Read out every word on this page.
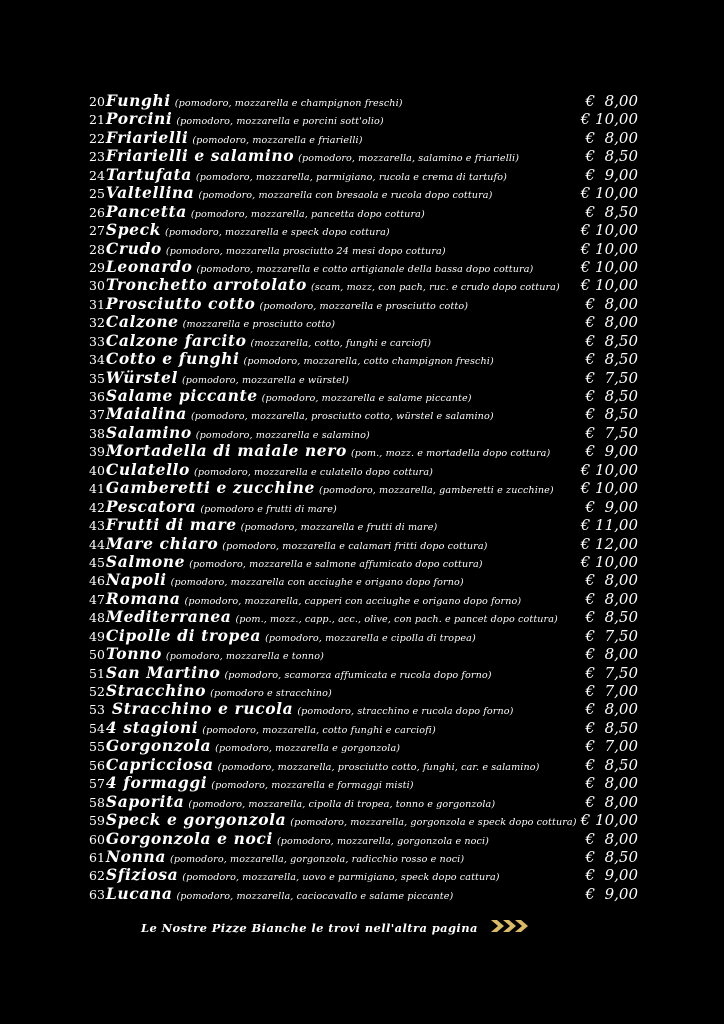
20Funghi (pomodoro, mozzarella e champignon freschi)	€  8,00
21Porcini (pomodoro, mozzarella e porcini sott'olio)	€ 10,00
22Friarielli (pomodoro, mozzarella e friarielli)	€  8,00
23Friarielli e salamino (pomodoro, mozzarella, salamino e friarielli)	€  8,50
24Tartufata (pomodoro, mozzarella, parmigiano, rucola e crema di tartufo)	€  9,00
25Valtellina (pomodoro, mozzarella con bresaola e rucola dopo cottura)	€ 10,00
26Pancetta (pomodoro, mozzarella, pancetta dopo cottura)	€  8,50
27Speck (pomodoro, mozzarella e speck dopo cottura)	€ 10,00
28Crudo (pomodoro, mozzarella prosciutto 24 mesi dopo cottura)	€ 10,00
29Leonardo (pomodoro, mozzarella e cotto artigianale della bassa dopo cottura)	€ 10,00
30Tronchetto arrotolato (scam, mozz, con pach, ruc. e crudo dopo cottura)	€ 10,00
31Prosciutto cotto (pomodoro, mozzarella e prosciutto cotto)	€  8,00
32Calzone (mozzarella e prosciutto cotto)	€  8,00
33Calzone farcito (mozzarella, cotto, funghi e carciofi)	€  8,50
34Cotto e funghi (pomodoro, mozzarella, cotto champignon freschi)	€  8,50
35Würstel (pomodoro, mozzarella e würstel)	€  7,50
36Salame piccante (pomodoro, mozzarella e salame piccante)	€  8,50
37Maialina (pomodoro, mozzarella, prosciutto cotto, würstel e salamino)	€  8,50
38Salamino (pomodoro, mozzarella e salamino)	€  7,50
39Mortadella di maiale nero (pom., mozz. e mortadella dopo cottura)	€  9,00
40Culatello (pomodoro, mozzarella e culatello dopo cottura)	€ 10,00
41Gamberetti e zucchine (pomodoro, mozzarella, gamberetti e zucchine)	€ 10,00
42Pescatora (pomodoro e frutti di mare)	€  9,00
43Frutti di mare (pomodoro, mozzarella e frutti di mare)	€ 11,00
44Mare chiaro (pomodoro, mozzarella e calamari fritti dopo cottura)	€ 12,00
45Salmone (pomodoro, mozzarella e salmone affumicato dopo cottura)	€ 10,00
46Napoli (pomodoro, mozzarella con acciughe e origano dopo forno)	€  8,00
47Romana (pomodoro, mozzarella, capperi con acciughe e origano dopo forno)	€  8,00
48Mediterranea (pom., mozz., capp., acc., olive, con pach. e pancet dopo cottura)	€  8,50
49Cipolle di tropea (pomodoro, mozzarella e cipolla di tropea)	€  7,50
50Tonno (pomodoro, mozzarella e tonno)	€  8,00
51San Martino (pomodoro, scamorza affumicata e rucola dopo forno)	€  7,50
52Stracchino (pomodoro e stracchino)	€  7,00
53 Stracchino e rucola (pomodoro, stracchino e rucola dopo forno)	€  8,00
544 stagioni (pomodoro, mozzarella, cotto funghi e carciofi)	€  8,50
55Gorgonzola (pomodoro, mozzarella e gorgonzola)	€  7,00
56Capricciosa (pomodoro, mozzarella, prosciutto cotto, funghi, car. e salamino)	€  8,50
574 formaggi (pomodoro, mozzarella e formaggi misti)	€  8,00
58Saporita (pomodoro, mozzarella, cipolla di tropea, tonno e gorgonzola)	€  8,00
59Speck e gorgonzola (pomodoro, mozzarella, gorgonzola e speck dopo cottura) € 10,00
60Gorgonzola e noci (pomodoro, mozzarella, gorgonzola e noci)	€  8,00
61Nonna (pomodoro, mozzarella, gorgonzola, radicchio rosso e noci)	€  8,50
62Sfiziosa (pomodoro, mozzarella, uovo e parmigiano, speck dopo cattura)	€  9,00
63Lucana (pomodoro, mozzarella, caciocavallo e salame piccante)	€  9,00
Le Nostre Pizze Bianche le trovi nell'altra pagina
